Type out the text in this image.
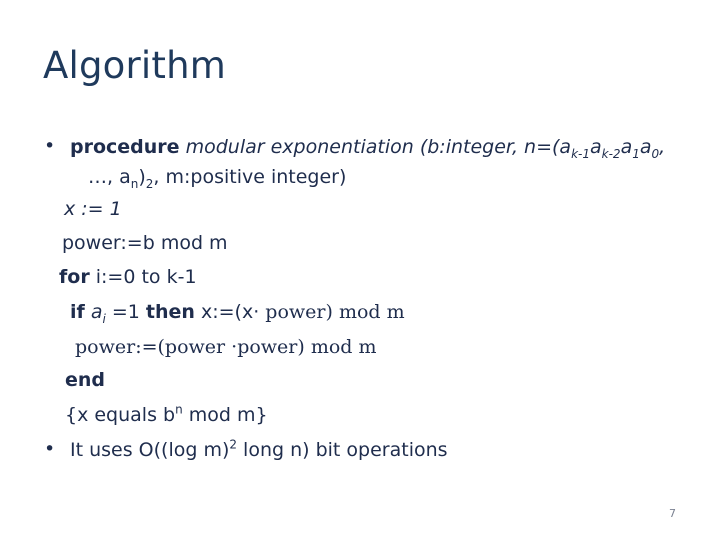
Algorithm
• procedure modular exponentiation (b:integer, $n=(a_{k-1}a_{k-2}a_1a_0$,
…, $a_n)_2$, m:positive integer)
x := 1
power:=b mod m
for i:=0 to k-1
if $a_i =1$ then x:=(x· power) mod m
power:=(power ·power) mod m
end
{x equals $b^n$ mod m}
• It uses O((log m)$^2$ long n) bit operations
7
